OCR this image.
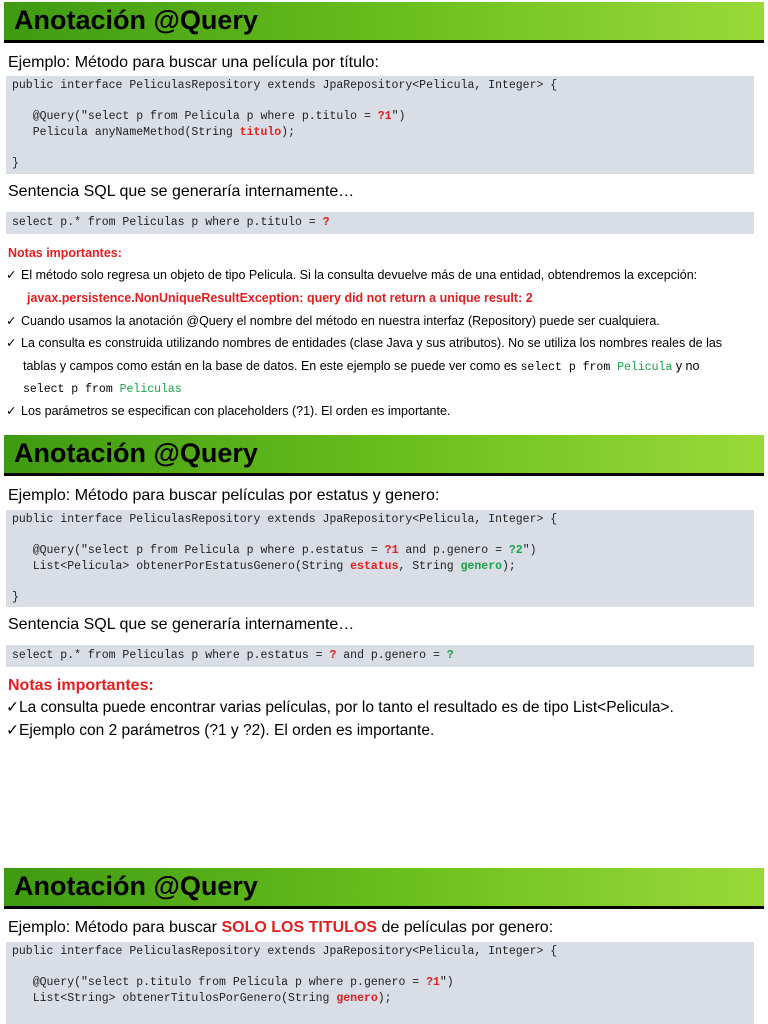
Anotación @Query
Ejemplo: Método para buscar una película por título:
public interface PeliculasRepository extends JpaRepository<Pelicula, Integer> {

@Query("select p from Pelicula p where p.titulo = ?1")
Pelicula anyNameMethod(String titulo);

}
Sentencia SQL que se generaría internamente…
select p.* from Peliculas p where p.titulo = ?
Notas importantes:
✓ El método solo regresa un objeto de tipo Pelicula. Si la consulta devuelve más de una entidad, obtendremos la excepción:
javax.persistence.NonUniqueResultException: query did not return a unique result: 2
✓ Cuando usamos la anotación @Query el nombre del método en nuestra interfaz (Repository) puede ser cualquiera.
✓ La consulta es construida utilizando nombres de entidades (clase Java y sus atributos). No se utiliza los nombres reales de las
tablas y campos como están en la base de datos. En este ejemplo se puede ver como es select p from Pelicula y no
select p from Peliculas
✓ Los parámetros se especifican con placeholders (?1). El orden es importante.
Anotación @Query
Ejemplo: Método para buscar películas por estatus y genero:
public interface PeliculasRepository extends JpaRepository<Pelicula, Integer> {

@Query("select p from Pelicula p where p.estatus = ?1 and p.genero = ?2")
List<Pelicula> obtenerPorEstatusGenero(String estatus, String genero);

}
Sentencia SQL que se generaría internamente…
select p.* from Peliculas p where p.estatus = ? and p.genero = ?
Notas importantes:
✓La consulta puede encontrar varias películas, por lo tanto el resultado es de tipo List<Pelicula>.
✓Ejemplo con 2 parámetros (?1 y ?2). El orden es importante.
Anotación @Query
Ejemplo: Método para buscar SOLO LOS TITULOS de películas por genero:
public interface PeliculasRepository extends JpaRepository<Pelicula, Integer> {

@Query("select p.titulo from Pelicula p where p.genero = ?1")
List<String> obtenerTitulosPorGenero(String genero);
